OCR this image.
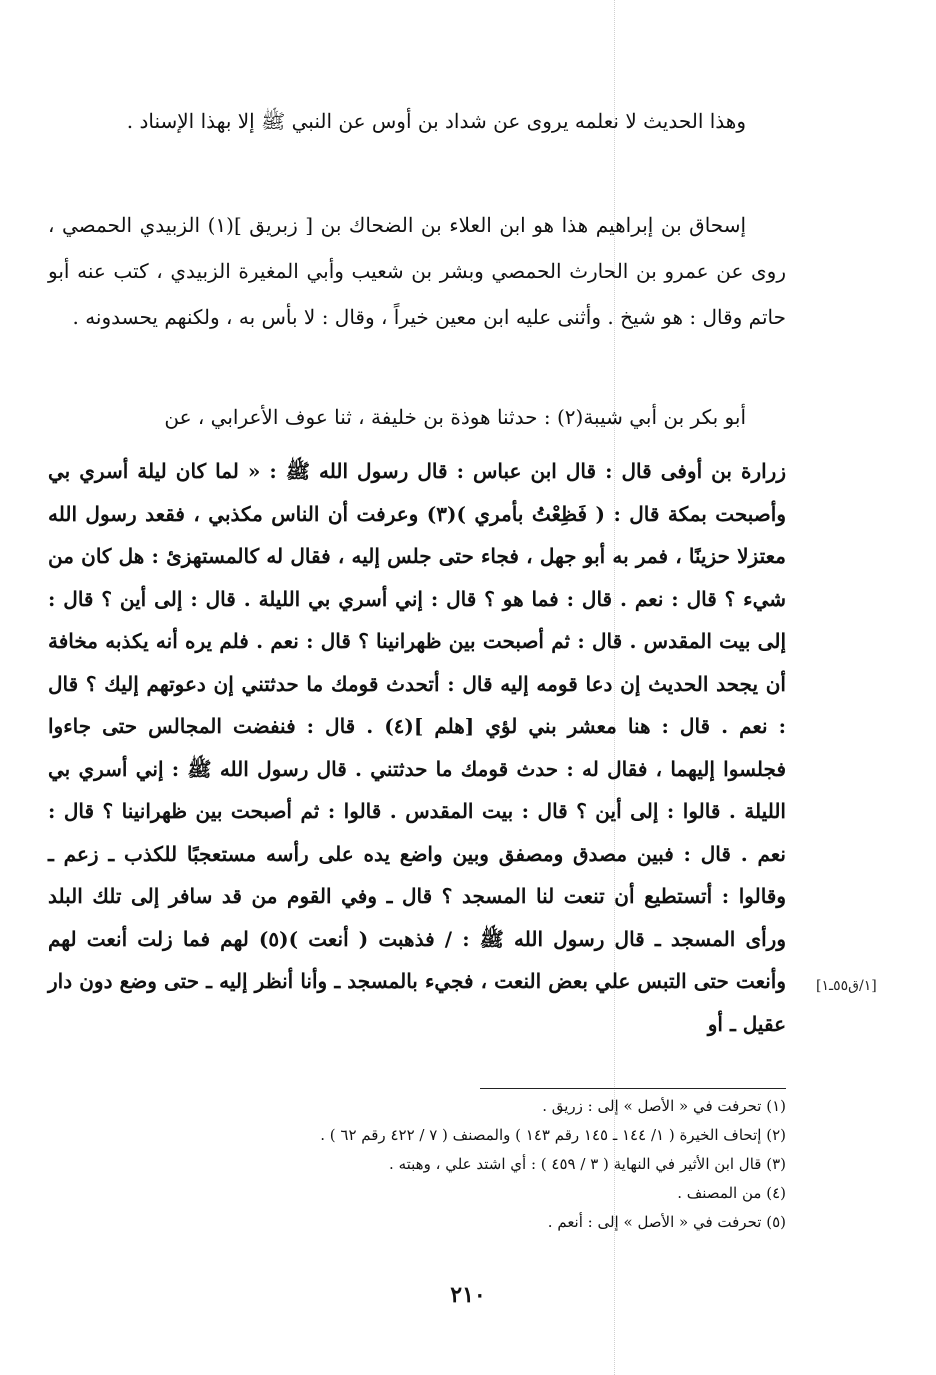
وهذا الحديث لا نعلمه يروى عن شداد بن أوس عن النبي ﷺ إلا بهذا الإسناد .

إسحاق بن إبراهيم هذا هو ابن العلاء بن الضحاك بن [ زبريق ](١) الزبيدي الحمصي ، روى عن عمرو بن الحارث الحمصي وبشر بن شعيب وأبي المغيرة الزبيدي ، كتب عنه أبو حاتم وقال : هو شيخ . وأثنى عليه ابن معين خيراً ، وقال : لا بأس به ، ولكنهم يحسدونه .

أبو بكر بن أبي شيبة(٢) : حدثنا هوذة بن خليفة ، ثنا عوف الأعرابي ، عن

زرارة بن أوفى قال : قال ابن عباس : قال رسول الله ﷺ : « لما كان ليلة أسري بي وأصبحت بمكة قال : ( فَظِعْتُ بأمري )(٣) وعرفت أن الناس مكذبي ، فقعد رسول الله معتزلا حزينًا ، فمر به أبو جهل ، فجاء حتى جلس إليه ، فقال له كالمستهزئ : هل كان من شيء ؟ قال : نعم . قال : فما هو ؟ قال : إني أسري بي الليلة . قال : إلى أين ؟ قال : إلى بيت المقدس . قال : ثم أصبحت بين ظهرانينا ؟ قال : نعم . فلم يره أنه يكذبه مخافة أن يجحد الحديث إن دعا قومه إليه قال : أتحدث قومك ما حدثتني إن دعوتهم إليك ؟ قال : نعم . قال : هنا معشر بني لؤي [هلم ](٤) . قال : فنفضت المجالس حتى جاءوا فجلسوا إليهما ، فقال له : حدث قومك ما حدثتني . قال رسول الله ﷺ : إني أسري بي الليلة . قالوا : إلى أين ؟ قال : بيت المقدس . قالوا : ثم أصبحت بين ظهرانينا ؟ قال : نعم . قال : فبين مصدق ومصفق وبين واضع يده على رأسه مستعجبًا للكذب ـ زعم ـ وقالوا : أتستطيع أن تنعت لنا المسجد ؟ قال ـ وفي القوم من قد سافر إلى تلك البلد ورأى المسجد ـ قال رسول الله ﷺ : / فذهبت ( أنعت )(٥) لهم فما زلت أنعت لهم وأنعت حتى التبس علي بعض النعت ، فجيء بالمسجد ـ وأنا أنظر إليه ـ حتى وضع دون دار عقيل ـ أو

[١/ق٥٥ـ١]

(١) تحرفت في « الأصل » إلى : زريق .

(٢) إتحاف الخيرة ( ١/ ١٤٤ ـ ١٤٥ رقم ١٤٣ ) والمصنف ( ٧ / ٤٢٢ رقم ٦٢ ) .

(٣) قال ابن الأثير في النهاية ( ٣ / ٤٥٩ ) : أي اشتد علي ، وهبته .

(٤) من المصنف .

(٥) تحرفت في « الأصل » إلى : أنعم .

٢١٠
